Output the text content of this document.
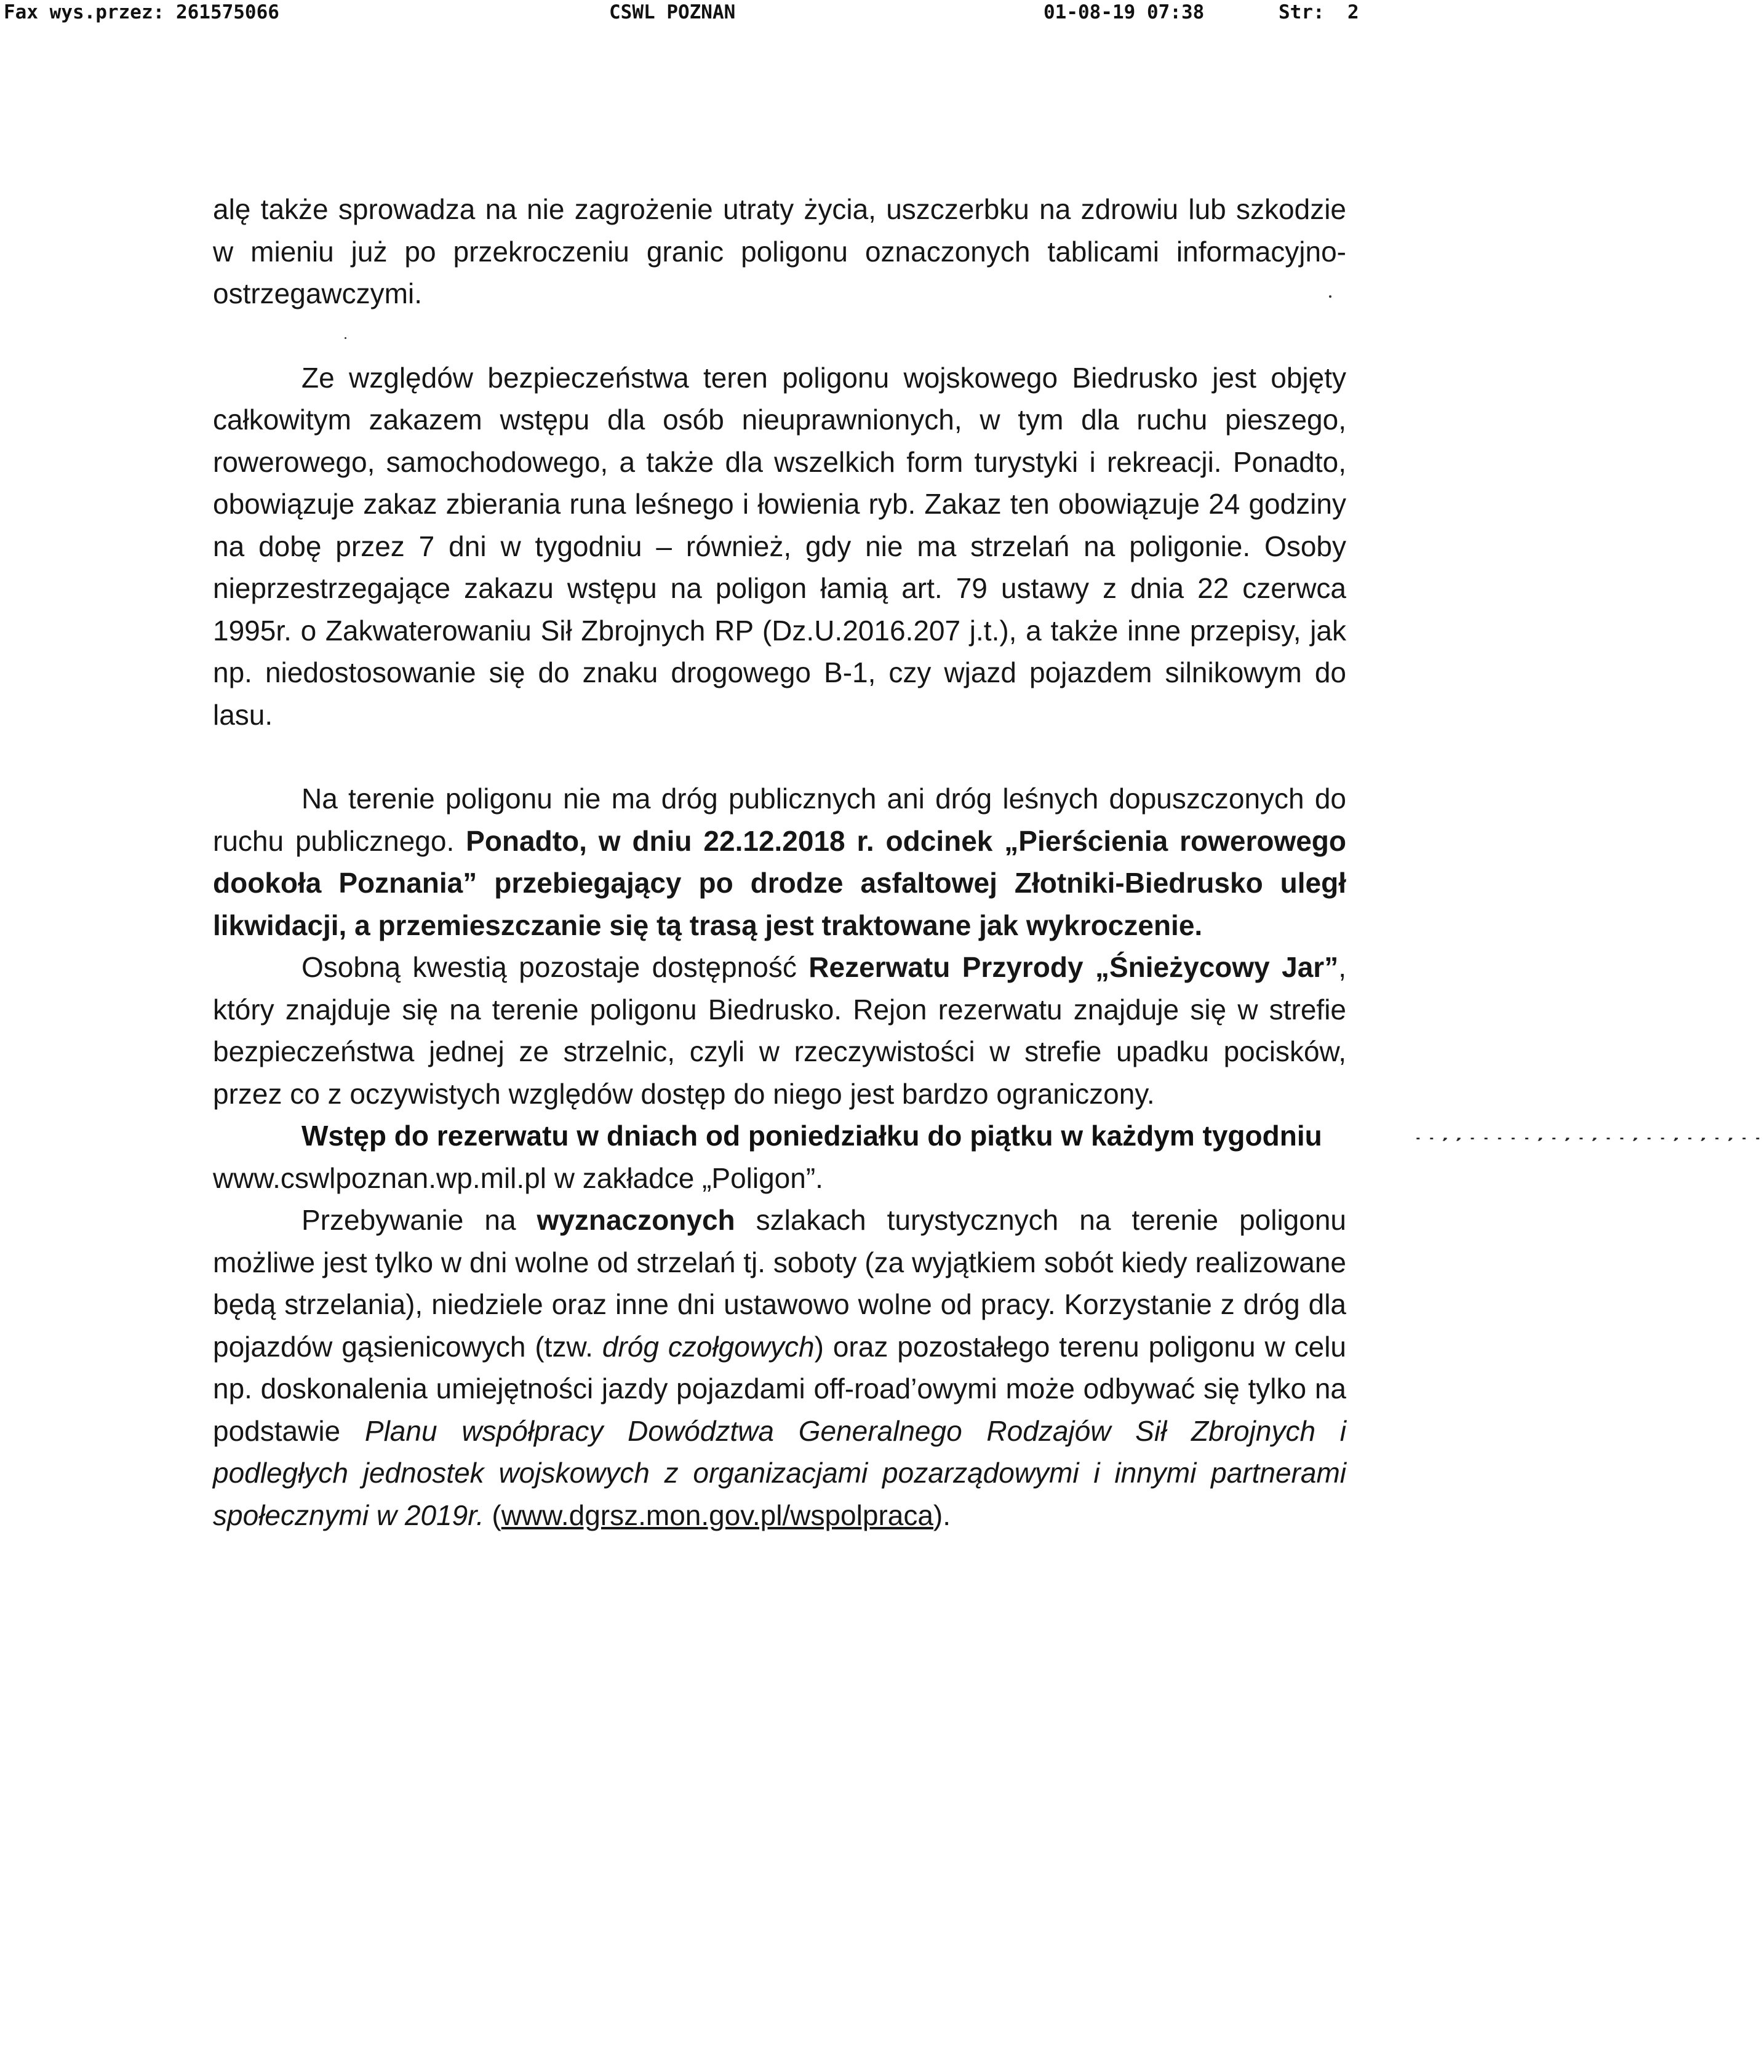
Fax wys.przez: 261575066	CSWL POZNAN	01-08-19 07:38	Str:  2

alę także sprowadza na nie zagrożenie utraty życia, uszczerbku na zdrowiu lub szkodzie w mieniu już po przekroczeniu granic poligonu oznaczonych tablicami informacyjno-ostrzegawczymi.

Ze względów bezpieczeństwa teren poligonu wojskowego Biedrusko jest objęty całkowitym zakazem wstępu dla osób nieuprawnionych, w tym dla ruchu pieszego, rowerowego, samochodowego, a także dla wszelkich form turystyki i rekreacji. Ponadto, obowiązuje zakaz zbierania runa leśnego i łowienia ryb. Zakaz ten obowiązuje 24 godziny na dobę przez 7 dni w tygodniu – również, gdy nie ma strzelań na poligonie. Osoby nieprzestrzegające zakazu wstępu na poligon łamią art. 79 ustawy z dnia 22 czerwca 1995r. o Zakwaterowaniu Sił Zbrojnych RP (Dz.U.2016.207 j.t.), a także inne przepisy, jak np. niedostosowanie się do znaku drogowego B-1, czy wjazd pojazdem silnikowym do lasu.

Na terenie poligonu nie ma dróg publicznych ani dróg leśnych dopuszczonych do ruchu publicznego. Ponadto, w dniu 22.12.2018 r. odcinek „Pierścienia rowerowego dookoła Poznania” przebiegający po drodze asfaltowej Złotniki-Biedrusko uległ likwidacji, a przemieszczanie się tą trasą jest traktowane jak wykroczenie.

Osobną kwestią pozostaje dostępność Rezerwatu Przyrody „Śnieżycowy Jar”, który znajduje się na terenie poligonu Biedrusko. Rejon rezerwatu znajduje się w strefie bezpieczeństwa jednej ze strzelnic, czyli w rzeczywistości w strefie upadku pocisków, przez co z oczywistych względów dostęp do niego jest bardzo ograniczony.
Wstęp do rezerwatu w dniach od poniedziałku do piątku w każdym tygodniu	..,,.....,.,.,..,..,.,.,..
www.cswlpoznan.wp.mil.pl w zakładce „Poligon”.

Przebywanie na wyznaczonych szlakach turystycznych na terenie poligonu możliwe jest tylko w dni wolne od strzelań tj. soboty (za wyjątkiem sobót kiedy realizowane będą strzelania), niedziele oraz inne dni ustawowo wolne od pracy. Korzystanie z dróg dla pojazdów gąsienicowych (tzw. dróg czołgowych) oraz pozostałego terenu poligonu w celu np. doskonalenia umiejętności jazdy pojazdami off-road’owymi może odbywać się tylko na podstawie Planu współpracy Dowództwa Generalnego Rodzajów Sił Zbrojnych i podległych jednostek wojskowych z organizacjami pozarządowymi i innymi partnerami społecznymi w 2019r. (www.dgrsz.mon.gov.pl/wspolpraca).
